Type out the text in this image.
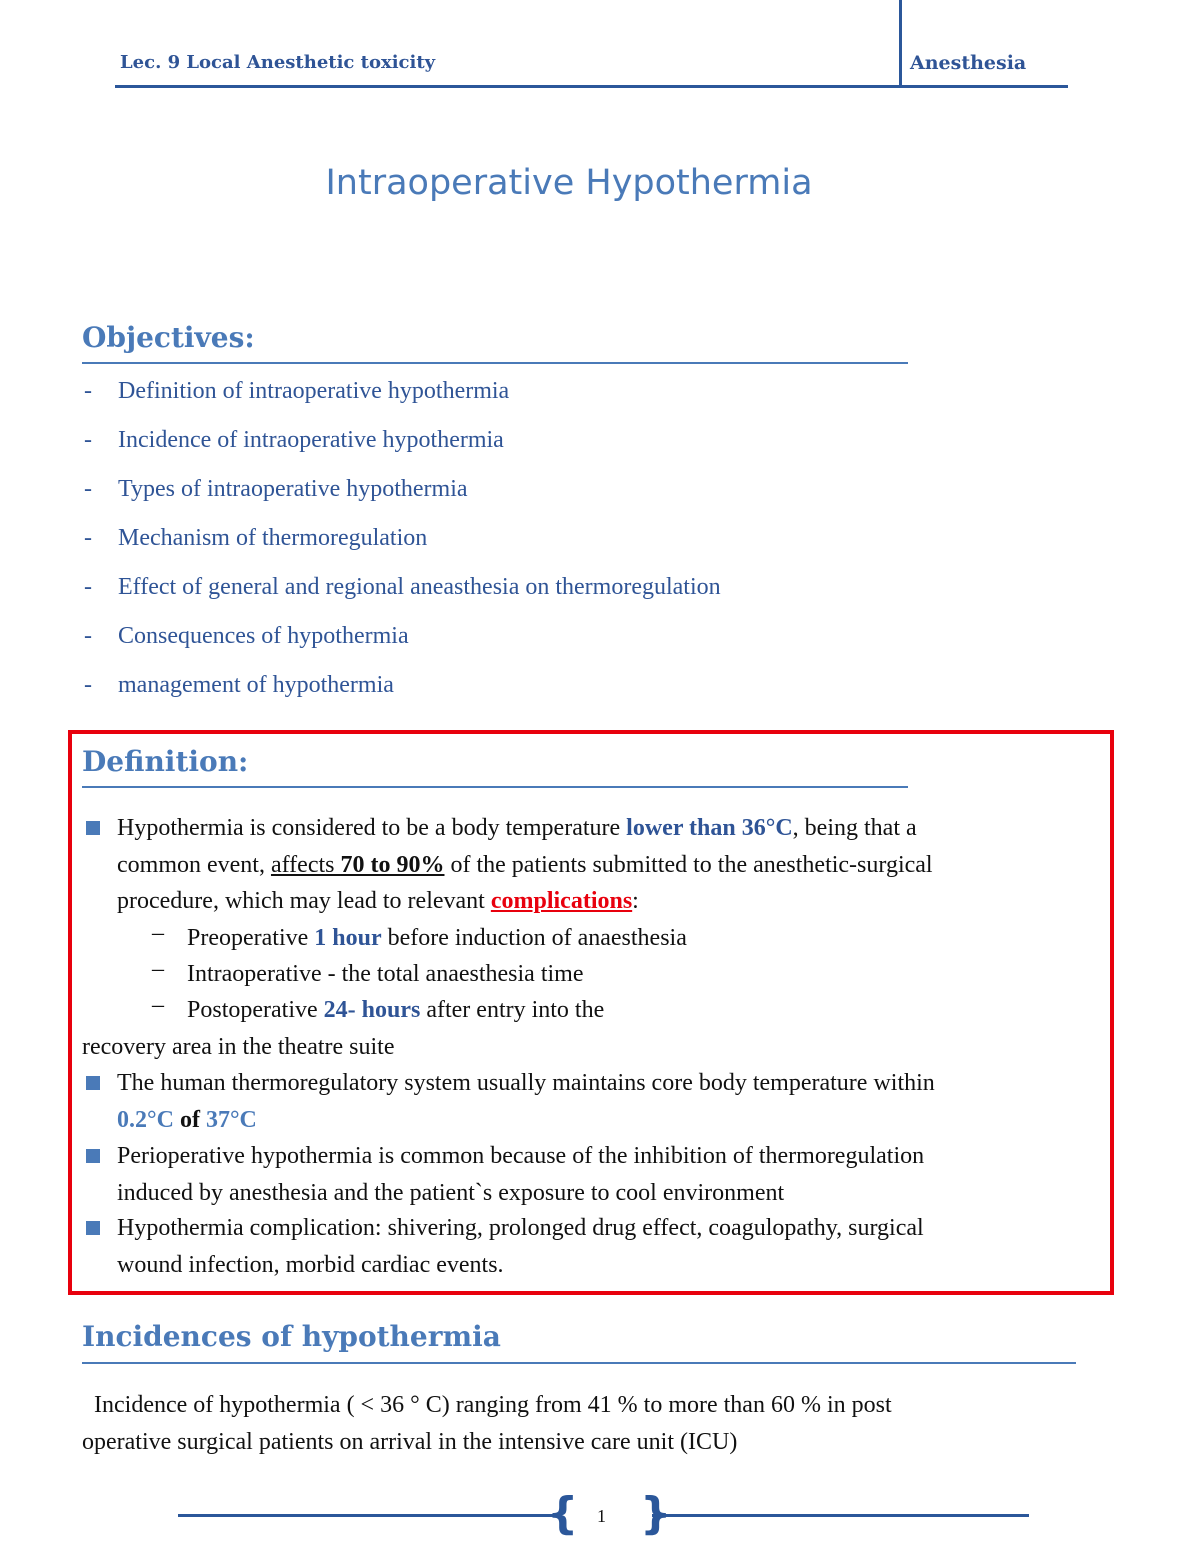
Lec. 9 Local Anesthetic toxicity	Anesthesia
Intraoperative Hypothermia
Objectives:
- Definition of intraoperative hypothermia
- Incidence of intraoperative hypothermia
- Types of intraoperative hypothermia
- Mechanism of thermoregulation
- Effect of general and regional aneasthesia on thermoregulation
- Consequences of hypothermia
- management of hypothermia
Definition:
Hypothermia is considered to be a body temperature lower than 36°C, being that a
common event, affects 70 to 90% of the patients submitted to the anesthetic-surgical
procedure, which may lead to relevant complications:
– Preoperative 1 hour before induction of anaesthesia
– Intraoperative - the total anaesthesia time
– Postoperative 24- hours after entry into the
recovery area in the theatre suite
The human thermoregulatory system usually maintains core body temperature within
0.2°C of 37°C
Perioperative hypothermia is common because of the inhibition of thermoregulation
induced by anesthesia and the patient`s exposure to cool environment
Hypothermia complication: shivering, prolonged drug effect, coagulopathy, surgical
wound infection, morbid cardiac events.
Incidences of hypothermia
Incidence of hypothermia ( < 36 ° C) ranging from 41 % to more than 60 % in post
operative surgical patients on arrival in the intensive care unit (ICU)
{ }
1
